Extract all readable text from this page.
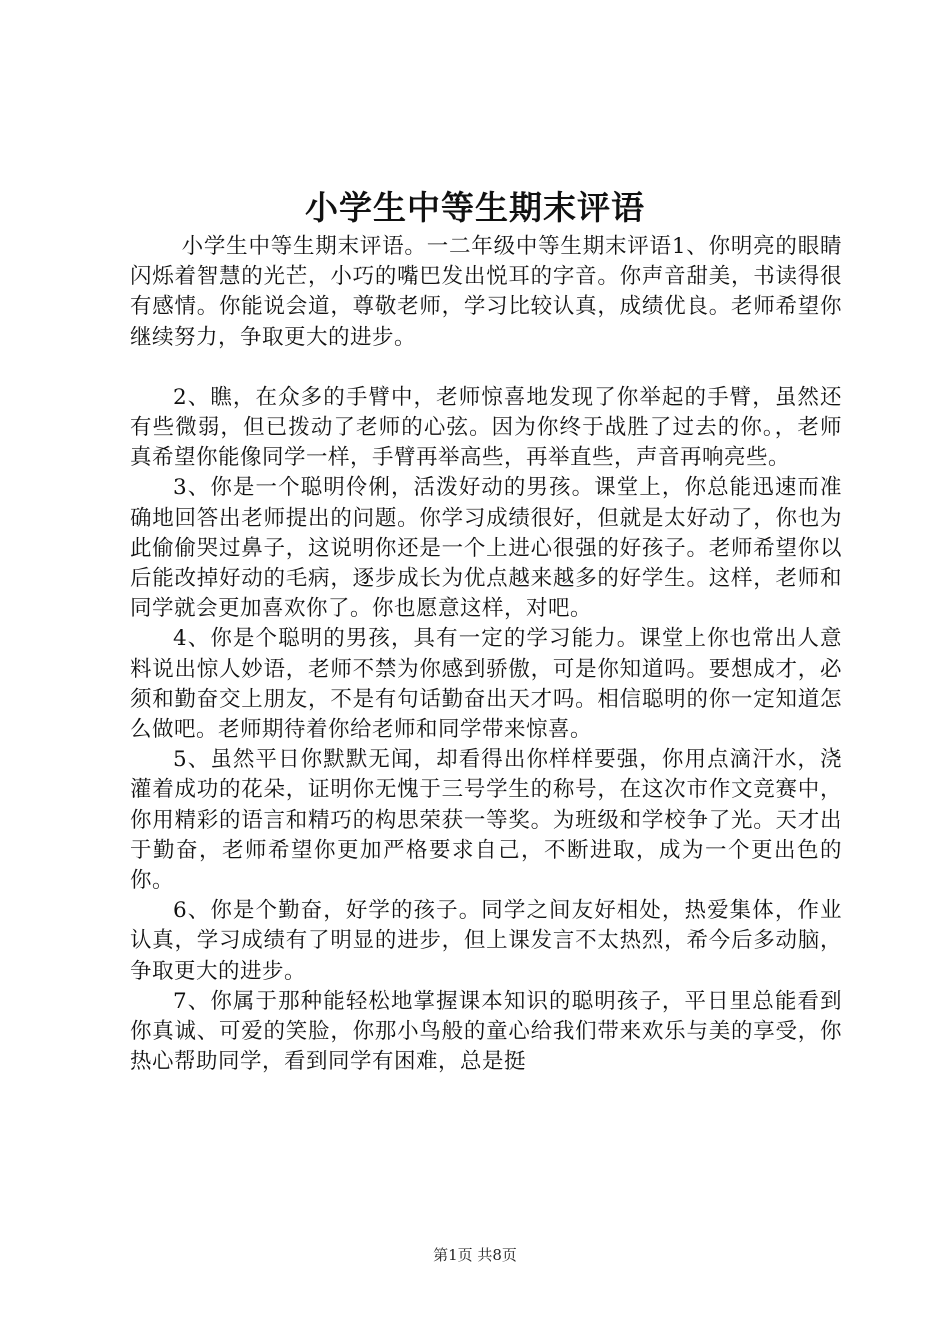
小学生中等生期末评语

小学生中等生期末评语。一二年级中等生期末评语1、你明亮的眼睛闪烁着智慧的光芒，小巧的嘴巴发出悦耳的字音。你声音甜美，书读得很有感情。你能说会道，尊敬老师，学习比较认真，成绩优良。老师希望你继续努力，争取更大的进步。

2、瞧，在众多的手臂中，老师惊喜地发现了你举起的手臂，虽然还有些微弱，但已拨动了老师的心弦。因为你终于战胜了过去的你。，老师真希望你能像同学一样，手臂再举高些，再举直些，声音再响亮些。

3、你是一个聪明伶俐，活泼好动的男孩。课堂上，你总能迅速而准确地回答出老师提出的问题。你学习成绩很好，但就是太好动了，你也为此偷偷哭过鼻子，这说明你还是一个上进心很强的好孩子。老师希望你以后能改掉好动的毛病，逐步成长为优点越来越多的好学生。这样，老师和同学就会更加喜欢你了。你也愿意这样，对吧。

4、你是个聪明的男孩，具有一定的学习能力。课堂上你也常出人意料说出惊人妙语，老师不禁为你感到骄傲，可是你知道吗。要想成才，必须和勤奋交上朋友，不是有句话勤奋出天才吗。相信聪明的你一定知道怎么做吧。老师期待着你给老师和同学带来惊喜。

5、虽然平日你默默无闻，却看得出你样样要强，你用点滴汗水，浇灌着成功的花朵，证明你无愧于三号学生的称号，在这次市作文竞赛中，你用精彩的语言和精巧的构思荣获一等奖。为班级和学校争了光。天才出于勤奋，老师希望你更加严格要求自己，不断进取，成为一个更出色的你。

6、你是个勤奋，好学的孩子。同学之间友好相处，热爱集体，作业认真，学习成绩有了明显的进步，但上课发言不太热烈，希今后多动脑，争取更大的进步。

7、你属于那种能轻松地掌握课本知识的聪明孩子，平日里总能看到你真诚、可爱的笑脸，你那小鸟般的童心给我们带来欢乐与美的享受，你热心帮助同学，看到同学有困难，总是挺

第1页 共8页
